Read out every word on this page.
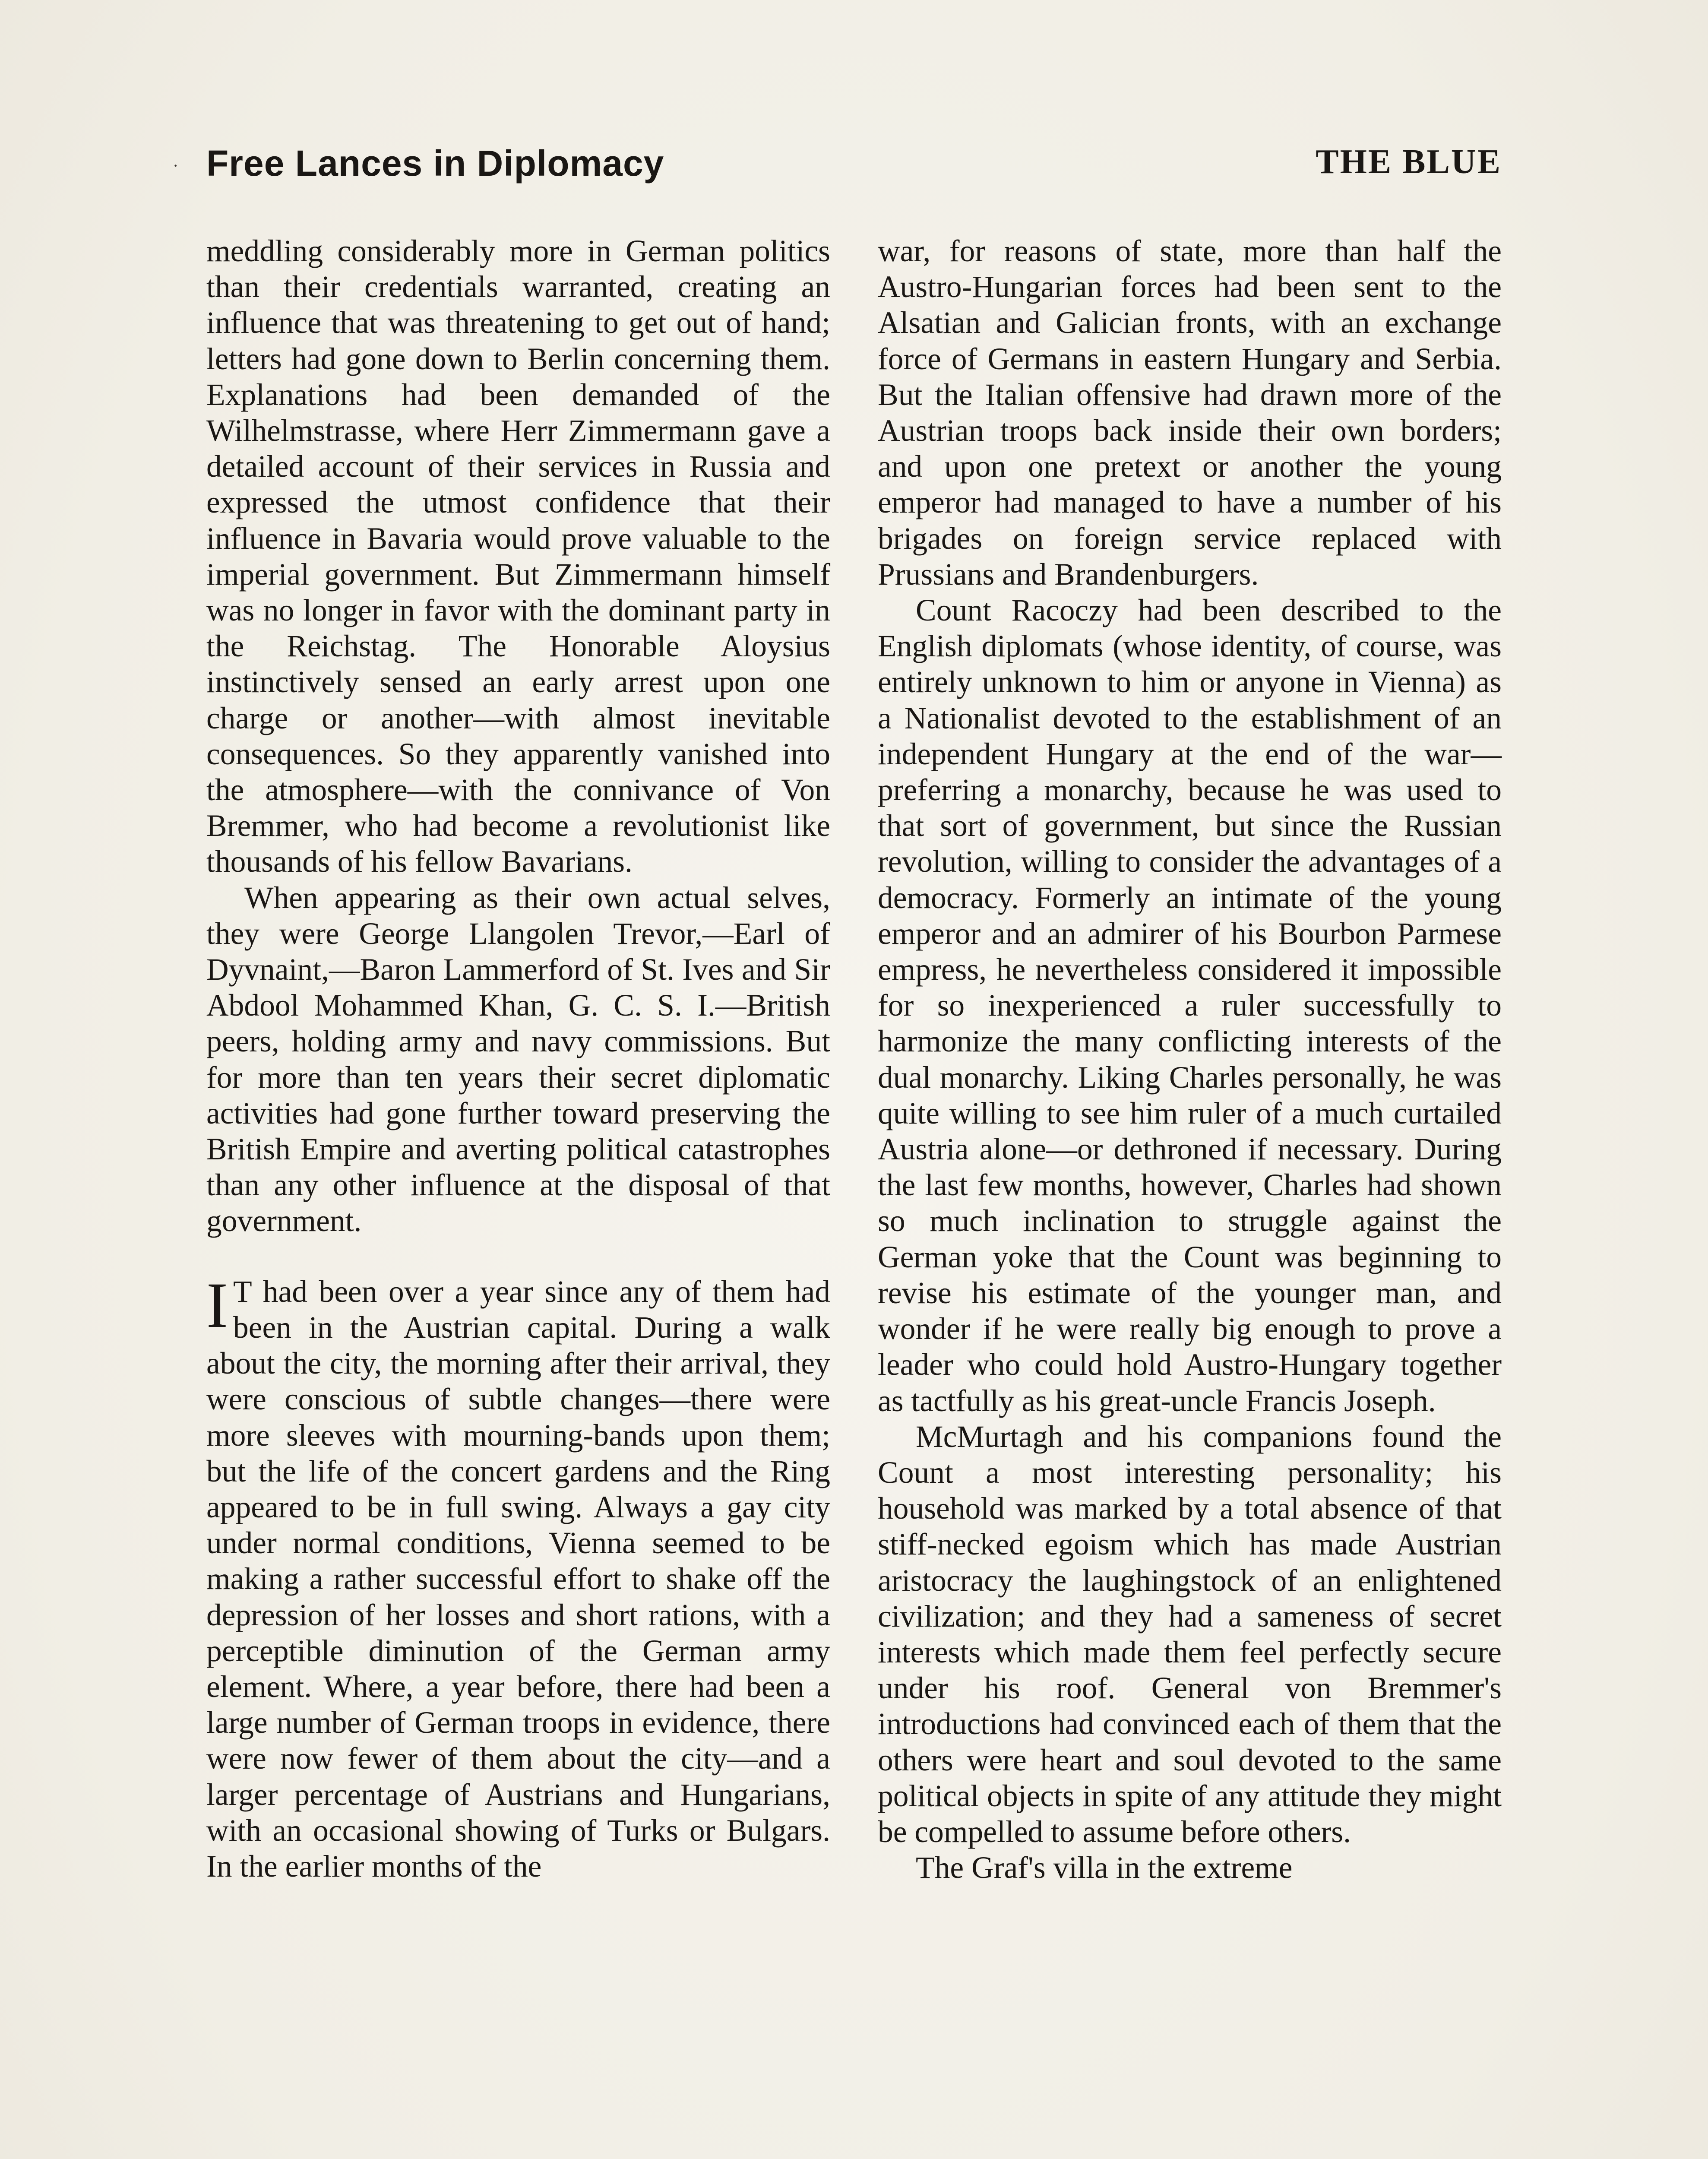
· Free Lances in Diplomacy	THE BLUE

meddling considerably more in German politics than their credentials warranted, creating an influence that was threatening to get out of hand; letters had gone down to Berlin concerning them. Explanations had been demanded of the Wilhelmstrasse, where Herr Zimmermann gave a detailed account of their services in Russia and expressed the utmost confidence that their influence in Bavaria would prove valuable to the imperial government. But Zimmermann himself was no longer in favor with the dominant party in the Reichstag. The Honorable Aloysius instinctively sensed an early arrest upon one charge or another—with almost inevitable consequences. So they apparently vanished into the atmosphere—with the connivance of Von Bremmer, who had become a revolutionist like thousands of his fellow Bavarians.

When appearing as their own actual selves, they were George Llangolen Trevor,—Earl of Dyvnaint,—Baron Lammerford of St. Ives and Sir Abdool Mohammed Khan, G. C. S. I.—British peers, holding army and navy commissions. But for more than ten years their secret diplomatic activities had gone further toward preserving the British Empire and averting political catastrophes than any other influence at the disposal of that government.

I T had been over a year since any of them had been in the Austrian capital. During a walk about the city, the morning after their arrival, they were conscious of subtle changes—there were more sleeves with mourning-bands upon them; but the life of the concert gardens and the Ring appeared to be in full swing. Always a gay city under normal conditions, Vienna seemed to be making a rather successful effort to shake off the depression of her losses and short rations, with a perceptible diminution of the German army element. Where, a year before, there had been a large number of German troops in evidence, there were now fewer of them about the city—and a larger percentage of Austrians and Hungarians, with an occasional showing of Turks or Bulgars. In the earlier months of the

war, for reasons of state, more than half the Austro-Hungarian forces had been sent to the Alsatian and Galician fronts, with an exchange force of Germans in eastern Hungary and Serbia. But the Italian offensive had drawn more of the Austrian troops back inside their own borders; and upon one pretext or another the young emperor had managed to have a number of his brigades on foreign service replaced with Prussians and Brandenburgers.

Count Racoczy had been described to the English diplomats (whose identity, of course, was entirely unknown to him or anyone in Vienna) as a Nationalist devoted to the establishment of an independent Hungary at the end of the war—preferring a monarchy, because he was used to that sort of government, but since the Russian revolution, willing to consider the advantages of a democracy. Formerly an intimate of the young emperor and an admirer of his Bourbon Parmese empress, he nevertheless considered it impossible for so inexperienced a ruler successfully to harmonize the many conflicting interests of the dual monarchy. Liking Charles personally, he was quite willing to see him ruler of a much curtailed Austria alone—or dethroned if necessary. During the last few months, however, Charles had shown so much inclination to struggle against the German yoke that the Count was beginning to revise his estimate of the younger man, and wonder if he were really big enough to prove a leader who could hold Austro-Hungary together as tactfully as his great-uncle Francis Joseph.

McMurtagh and his companions found the Count a most interesting personality; his household was marked by a total absence of that stiff-necked egoism which has made Austrian aristocracy the laughingstock of an enlightened civilization; and they had a sameness of secret interests which made them feel perfectly secure under his roof. General von Bremmer's introductions had convinced each of them that the others were heart and soul devoted to the same political objects in spite of any attitude they might be compelled to assume before others.

The Graf's villa in the extreme
